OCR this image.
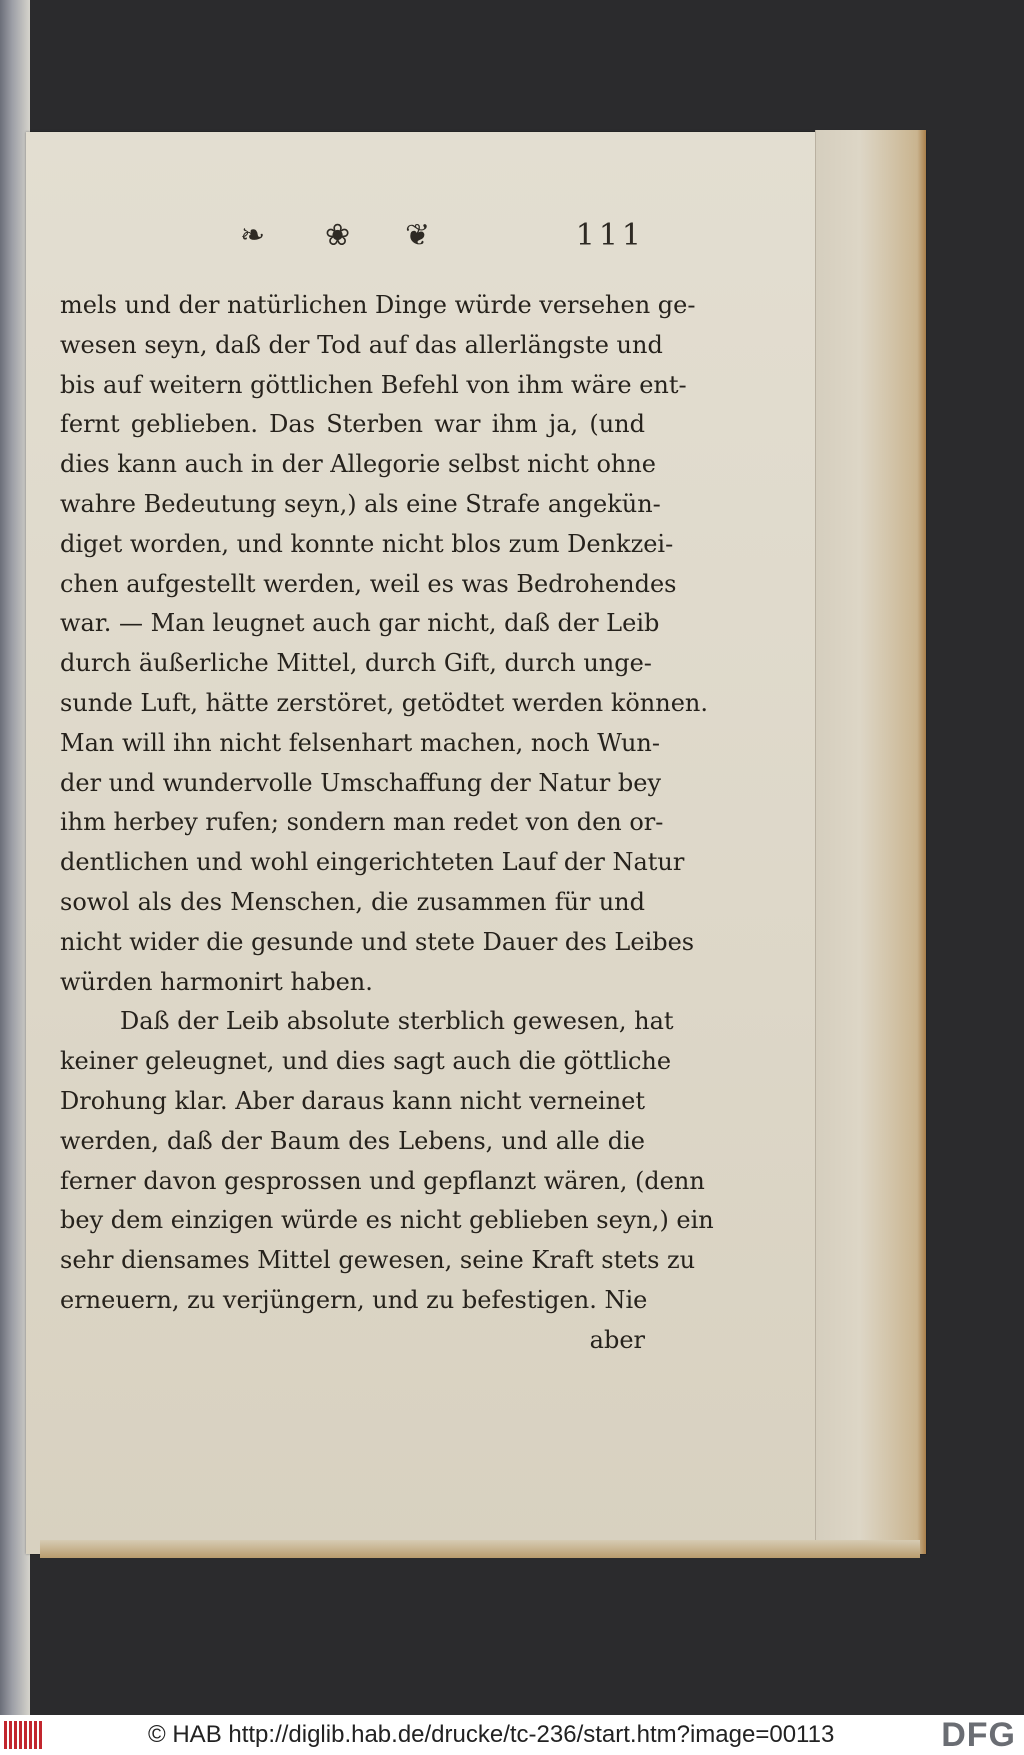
❧ ❀ ❦	111
mels und der natürlichen Dinge würde versehen ge-
wesen seyn, daß der Tod auf das allerlängste und
bis auf weitern göttlichen Befehl von ihm wäre ent-
fernt geblieben. Das Sterben war ihm ja, (und
dies kann auch in der Allegorie selbst nicht ohne
wahre Bedeutung seyn,) als eine Strafe angekün-
diget worden, und konnte nicht blos zum Denkzei-
chen aufgestellt werden, weil es was Bedrohendes
war. — Man leugnet auch gar nicht, daß der Leib
durch äußerliche Mittel, durch Gift, durch unge-
sunde Luft, hätte zerstöret, getödtet werden können.
Man will ihn nicht felsenhart machen, noch Wun-
der und wundervolle Umschaffung der Natur bey
ihm herbey rufen; sondern man redet von den or-
dentlichen und wohl eingerichteten Lauf der Natur
sowol als des Menschen, die zusammen für und
nicht wider die gesunde und stete Dauer des Leibes
würden harmonirt haben.
Daß der Leib absolute sterblich gewesen, hat
keiner geleugnet, und dies sagt auch die göttliche
Drohung klar. Aber daraus kann nicht verneinet
werden, daß der Baum des Lebens, und alle die
ferner davon gesprossen und gepflanzt wären, (denn
bey dem einzigen würde es nicht geblieben seyn,) ein
sehr diensames Mittel gewesen, seine Kraft stets zu
erneuern, zu verjüngern, und zu befestigen. Nie
aber
© HAB http://diglib.hab.de/drucke/tc-236/start.htm?image=00113	DFG
